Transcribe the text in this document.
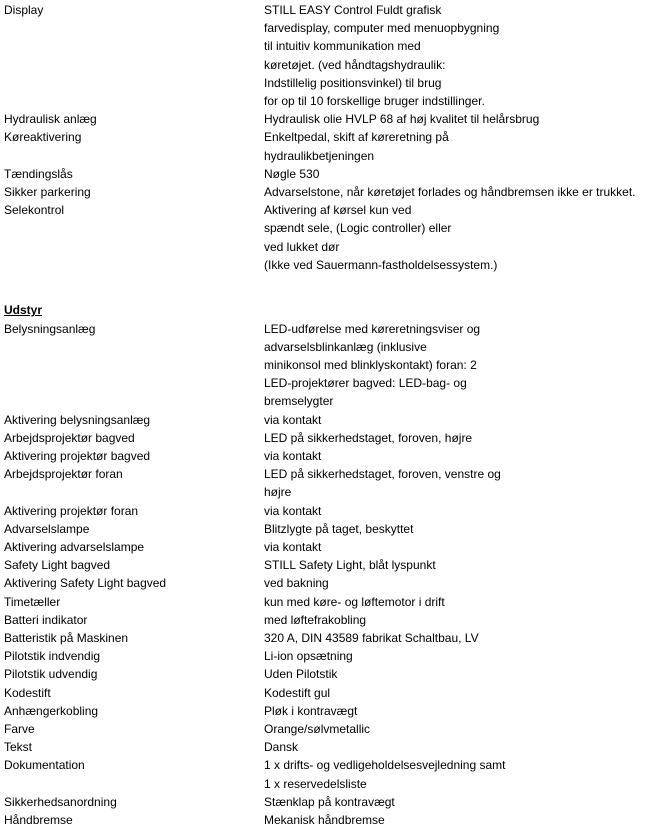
Display	STILL EASY Control Fuldt grafisk
farvedisplay, computer med menuopbygning
til intuitiv kommunikation med
køretøjet. (ved håndtagshydraulik:
Indstillelig positionsvinkel) til brug
for op til 10 forskellige bruger indstillinger.
Hydraulisk anlæg	Hydraulisk olie HVLP 68 af høj kvalitet til helårsbrug
Køreaktivering	Enkeltpedal, skift af køreretning på
hydraulikbetjeningen
Tændingslås	Nøgle 530
Sikker parkering	Advarselstone, når køretøjet forlades og håndbremsen ikke er trukket.
Selekontrol	Aktivering af kørsel kun ved
spændt sele, (Logic controller) eller
ved lukket dør
(Ikke ved Sauermann-fastholdelsessystem.)
Udstyr
Belysningsanlæg	LED-udførelse med køreretningsviser og
advarselsblinkanlæg (inklusive
minikonsol med blinklyskontakt) foran: 2
LED-projektører bagved: LED-bag- og
bremselygter
Aktivering belysningsanlæg	via kontakt
Arbejdsprojektør bagved	LED på sikkerhedstaget, foroven, højre
Aktivering projektør bagved	via kontakt
Arbejdsprojektør foran	LED på sikkerhedstaget, foroven, venstre og
højre
Aktivering projektør foran	via kontakt
Advarselslampe	Blitzlygte på taget, beskyttet
Aktivering advarselslampe	via kontakt
Safety Light bagved	STILL Safety Light, blåt lyspunkt
Aktivering Safety Light bagved	ved bakning
Timetæller	kun med køre- og løftemotor i drift
Batteri indikator	med løftefrakobling
Batteristik på Maskinen	320 A, DIN 43589 fabrikat Schaltbau, LV
Pilotstik indvendig	Li-ion opsætning
Pilotstik udvendig	Uden Pilotstik
Kodestift	Kodestift gul
Anhængerkobling	Pløk i kontravægt
Farve	Orange/sølvmetallic
Tekst	Dansk
Dokumentation	1 x drifts- og vedligeholdelsesvejledning samt
1 x reservedelsliste
Sikkerhedsanordning	Stænklap på kontravægt
Håndbremse	Mekanisk håndbremse
